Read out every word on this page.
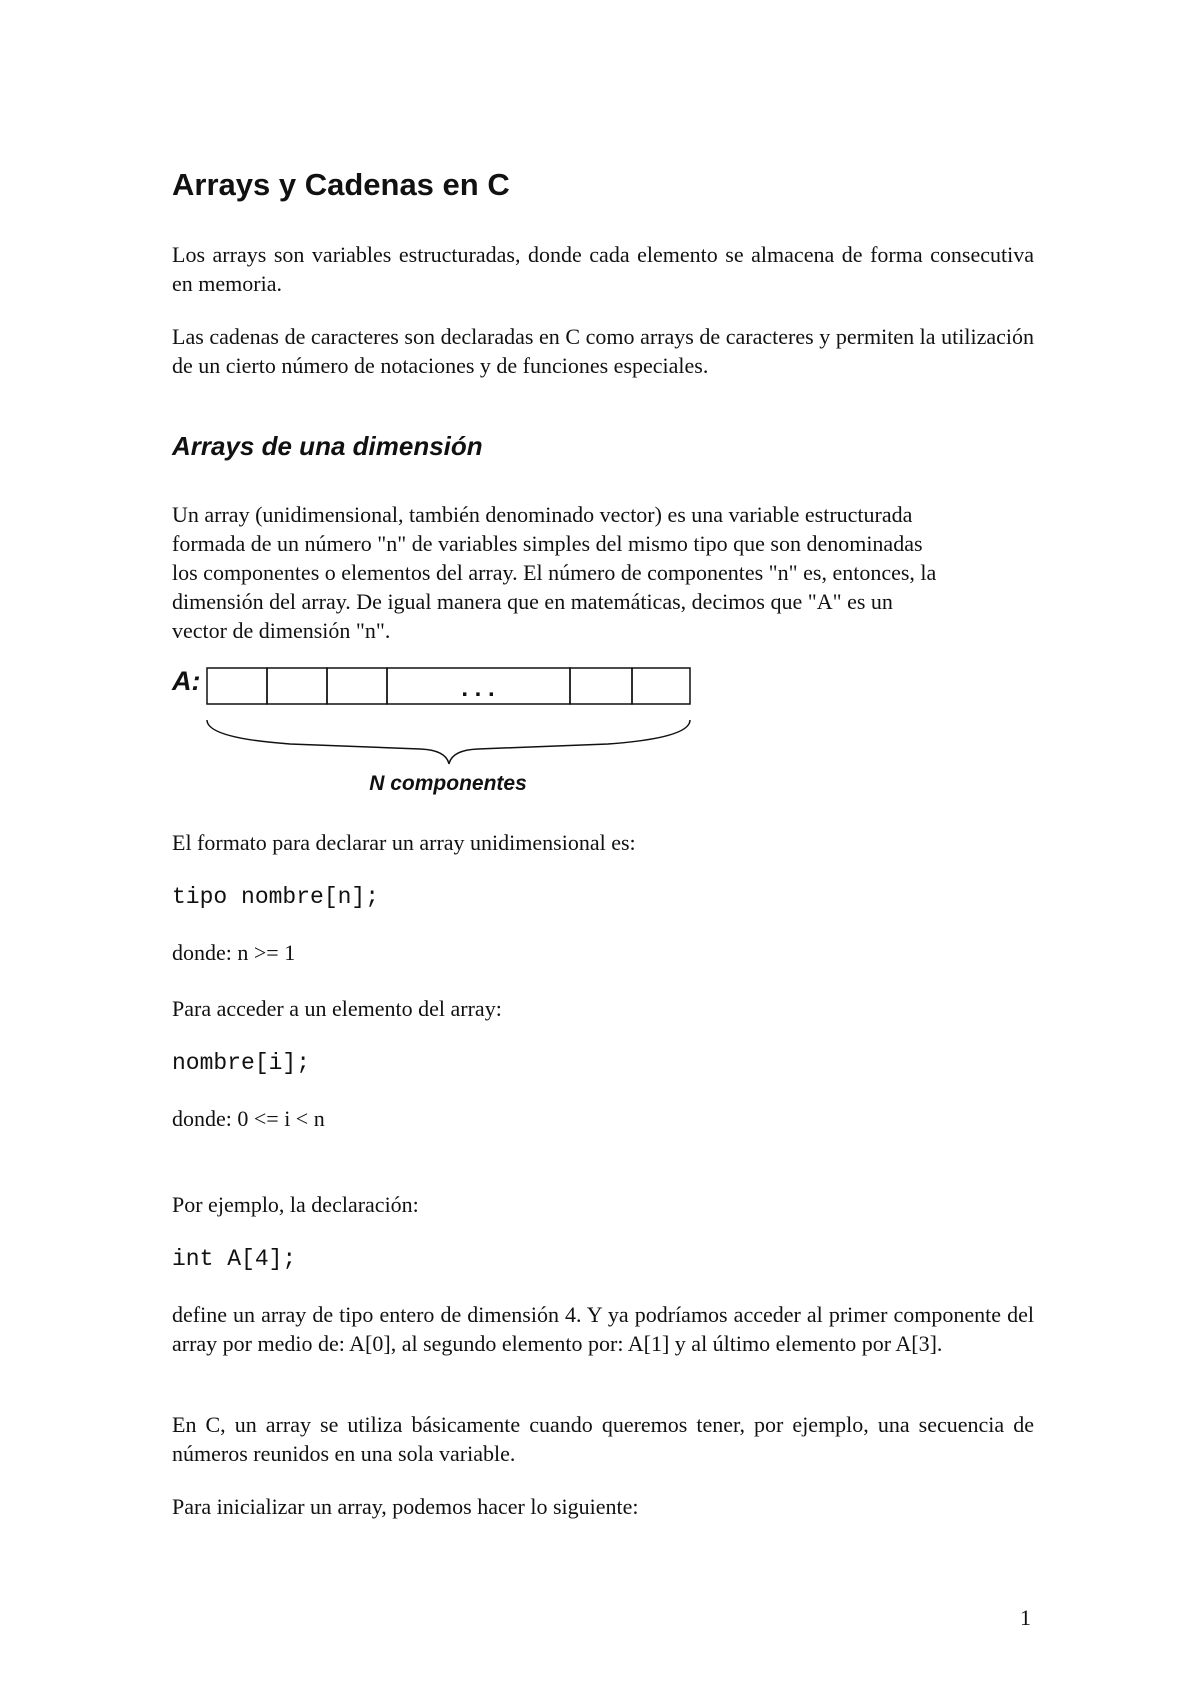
Arrays y Cadenas en C

Los arrays son variables estructuradas, donde cada elemento se almacena de forma consecutiva en memoria.

Las cadenas de caracteres son declaradas en C como arrays de caracteres y permiten la utilización de un cierto número de notaciones y de funciones especiales.

Arrays de una dimensión

Un array (unidimensional, también denominado vector) es una variable estructurada
formada de un número "n" de variables simples del mismo tipo que son denominadas
los componentes o elementos del array. El número de componentes "n" es, entonces, la
dimensión del array. De igual manera que en matemáticas, decimos que "A" es un
vector de dimensión "n".

A:	. . .
N componentes

El formato para declarar un array unidimensional es:

tipo nombre[n];

donde: n >= 1

Para acceder a un elemento del array:

nombre[i];

donde: 0 <= i < n

Por ejemplo, la declaración:

int A[4];

define un array de tipo entero de dimensión 4. Y ya podríamos acceder al primer componente del array por medio de: A[0], al segundo elemento por: A[1] y al último elemento por A[3].

En C, un array se utiliza básicamente cuando queremos tener, por ejemplo, una secuencia de números reunidos en una sola variable.

Para inicializar un array, podemos hacer lo siguiente:

1
